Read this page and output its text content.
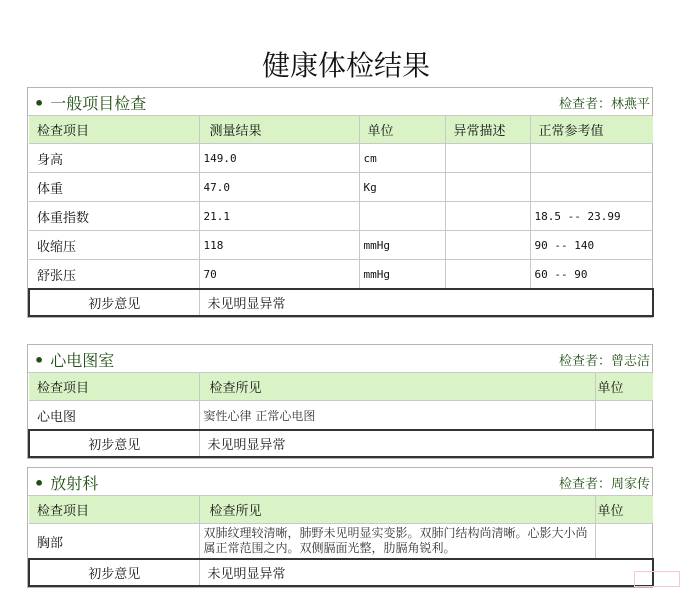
健康体检结果
• 一般项目检查	检查者：林燕平
检查项目	测量结果	单位	异常描述	正常参考值
身高	149.0	cm		
体重	47.0	Kg		
体重指数	21.1			18.5 -- 23.99
收缩压	118	mmHg		90 -- 140
舒张压	70	mmHg		60 -- 90
初步意见	未见明显异常			
• 心电图室	检查者：曾志洁
检查项目	检查所见	单位
心电图	窦性心律 正常心电图	
初步意见	未见明显异常	
• 放射科	检查者：周家传
检查项目	检查所见	单位
胸部	双肺纹理较清晰，肺野未见明显实变影。双肺门结构尚清晰。心影大小尚属正常范围之内。双侧膈面光整，肋膈角锐利。	
初步意见	未见明显异常	
